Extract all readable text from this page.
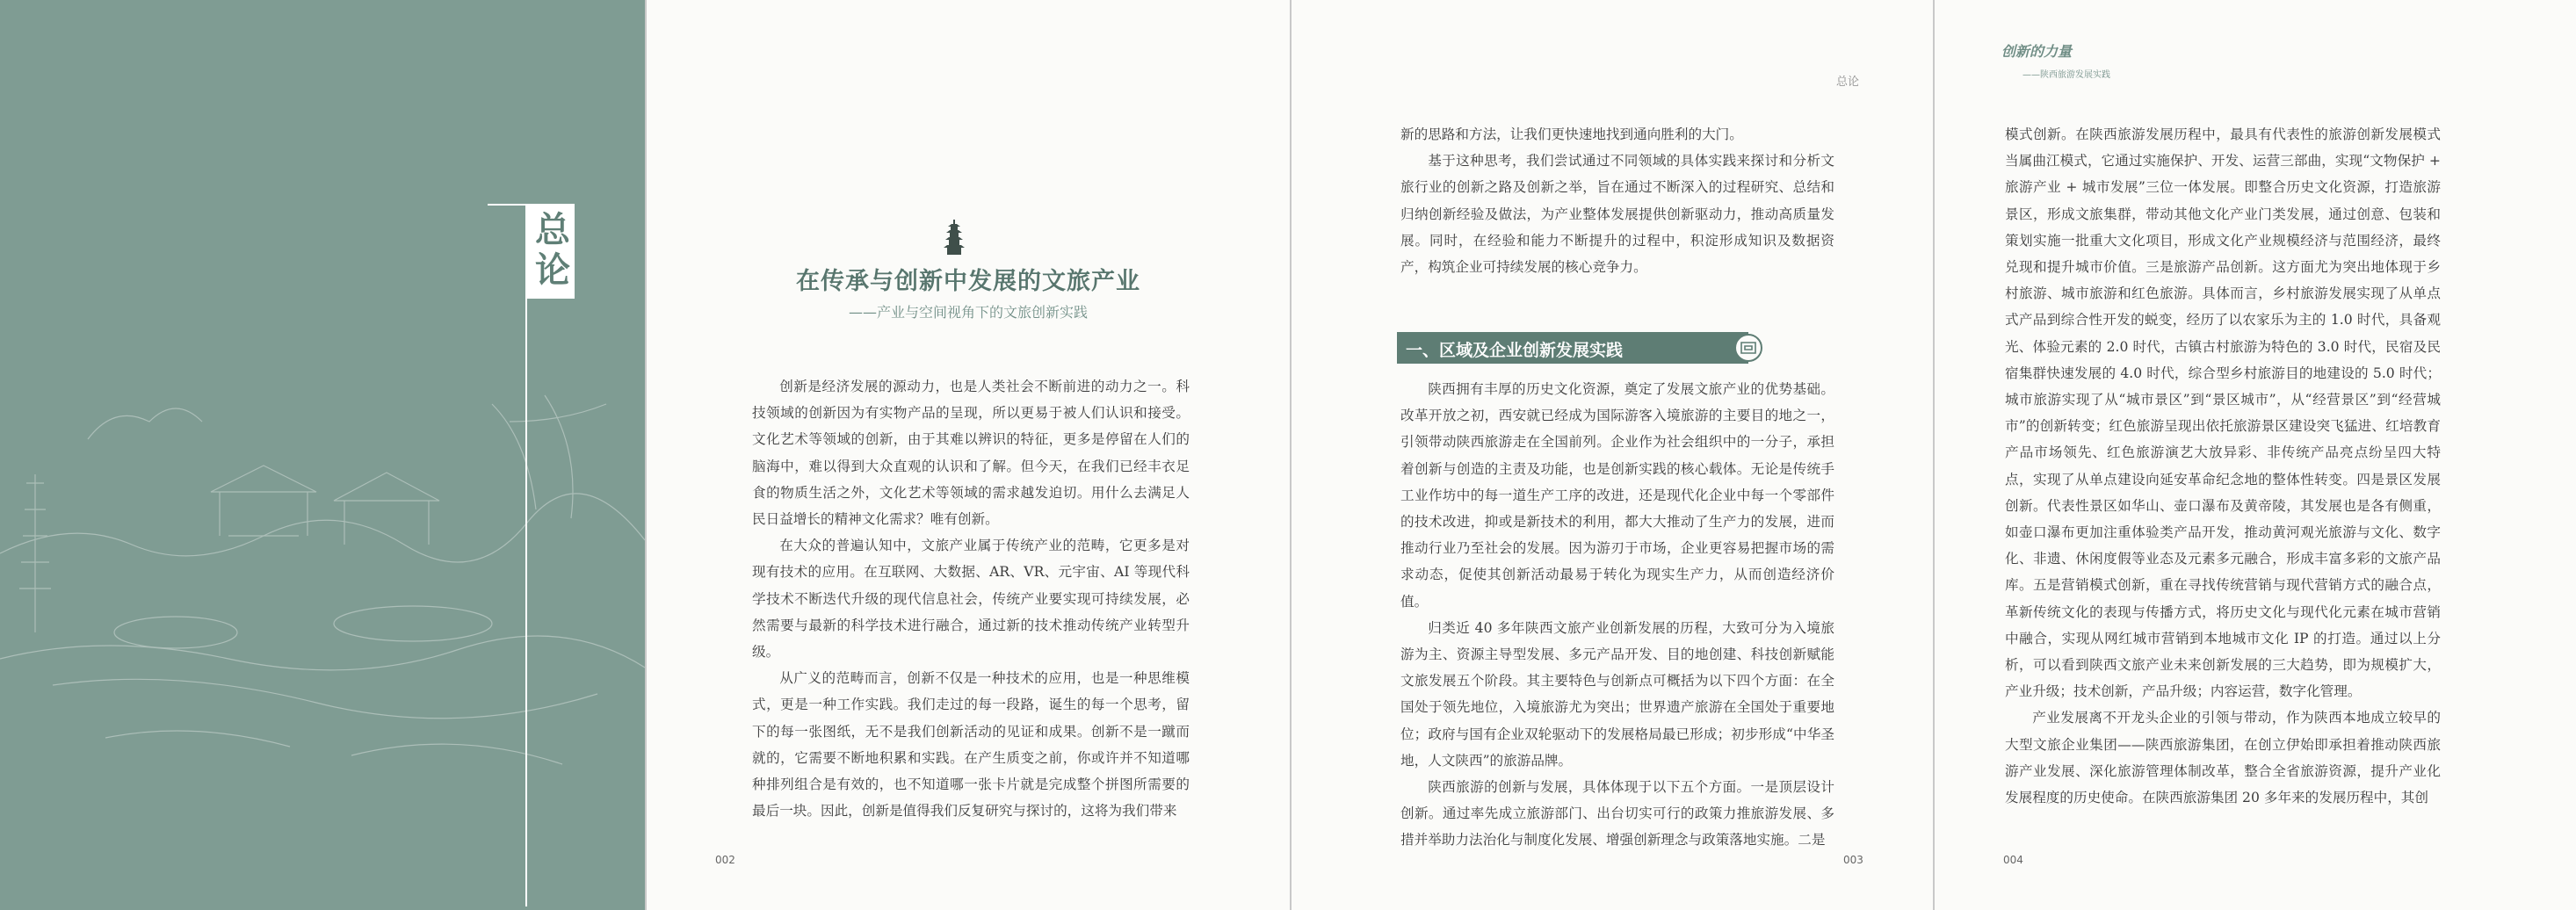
总论	在传承与创新中发展的文旅产业
——产业与空间视角下的文旅创新实践

创新是经济发展的源动力，也是人类社会不断前进的动力之一。科技领域的创新因为有实物产品的呈现，所以更易于被人们认识和接受。文化艺术等领域的创新，由于其难以辨识的特征，更多是停留在人们的脑海中，难以得到大众直观的认识和了解。但今天，在我们已经丰衣足食的物质生活之外，文化艺术等领域的需求越发迫切。用什么去满足人民日益增长的精神文化需求？唯有创新。

在大众的普遍认知中，文旅产业属于传统产业的范畴，它更多是对现有技术的应用。在互联网、大数据、AR、VR、元宇宙、AI 等现代科学技术不断迭代升级的现代信息社会，传统产业要实现可持续发展，必然需要与最新的科学技术进行融合，通过新的技术推动传统产业转型升级。

从广义的范畴而言，创新不仅是一种技术的应用，也是一种思维模式，更是一种工作实践。我们走过的每一段路，诞生的每一个思考，留下的每一张图纸，无不是我们创新活动的见证和成果。创新不是一蹴而就的，它需要不断地积累和实践。在产生质变之前，你或许并不知道哪种排列组合是有效的，也不知道哪一张卡片就是完成整个拼图所需要的最后一块。因此，创新是值得我们反复研究与探讨的，这将为我们带来

002
总论

新的思路和方法，让我们更快速地找到通向胜利的大门。

基于这种思考，我们尝试通过不同领域的具体实践来探讨和分析文旅行业的创新之路及创新之举，旨在通过不断深入的过程研究、总结和归纳创新经验及做法，为产业整体发展提供创新驱动力，推动高质量发展。同时，在经验和能力不断提升的过程中，积淀形成知识及数据资产，构筑企业可持续发展的核心竞争力。

一、区域及企业创新发展实践

陕西拥有丰厚的历史文化资源，奠定了发展文旅产业的优势基础。改革开放之初，西安就已经成为国际游客入境旅游的主要目的地之一，引领带动陕西旅游走在全国前列。企业作为社会组织中的一分子，承担着创新与创造的主责及功能，也是创新实践的核心载体。无论是传统手工业作坊中的每一道生产工序的改进，还是现代化企业中每一个零部件的技术改进，抑或是新技术的利用，都大大推动了生产力的发展，进而推动行业乃至社会的发展。因为游刃于市场，企业更容易把握市场的需求动态，促使其创新活动最易于转化为现实生产力，从而创造经济价值。

归类近 40 多年陕西文旅产业创新发展的历程，大致可分为入境旅游为主、资源主导型发展、多元产品开发、目的地创建、科技创新赋能文旅发展五个阶段。其主要特色与创新点可概括为以下四个方面：在全国处于领先地位，入境旅游尤为突出；世界遗产旅游在全国处于重要地位；政府与国有企业双轮驱动下的发展格局最已形成；初步形成“中华圣地，人文陕西”的旅游品牌。

陕西旅游的创新与发展，具体体现于以下五个方面。一是顶层设计创新。通过率先成立旅游部门、出台切实可行的政策力推旅游发展、多措并举助力法治化与制度化发展、增强创新理念与政策落地实施。二是

003
创新的力量
——陕西旅游发展实践

模式创新。在陕西旅游发展历程中，最具有代表性的旅游创新发展模式当属曲江模式，它通过实施保护、开发、运营三部曲，实现“文物保护 + 旅游产业 + 城市发展”三位一体发展。即整合历史文化资源，打造旅游景区，形成文旅集群，带动其他文化产业门类发展，通过创意、包装和策划实施一批重大文化项目，形成文化产业规模经济与范围经济，最终兑现和提升城市价值。三是旅游产品创新。这方面尤为突出地体现于乡村旅游、城市旅游和红色旅游。具体而言，乡村旅游发展实现了从单点式产品到综合性开发的蜕变，经历了以农家乐为主的 1.0 时代，具备观光、体验元素的 2.0 时代，古镇古村旅游为特色的 3.0 时代，民宿及民宿集群快速发展的 4.0 时代，综合型乡村旅游目的地建设的 5.0 时代；城市旅游实现了从“城市景区”到“景区城市”，从“经营景区”到“经营城市”的创新转变；红色旅游呈现出依托旅游景区建设突飞猛进、红培教育产品市场领先、红色旅游演艺大放异彩、非传统产品亮点纷呈四大特点，实现了从单点建设向延安革命纪念地的整体性转变。四是景区发展创新。代表性景区如华山、壶口瀑布及黄帝陵，其发展也是各有侧重，如壶口瀑布更加注重体验类产品开发，推动黄河观光旅游与文化、数字化、非遗、休闲度假等业态及元素多元融合，形成丰富多彩的文旅产品库。五是营销模式创新，重在寻找传统营销与现代营销方式的融合点，革新传统文化的表现与传播方式，将历史文化与现代化元素在城市营销中融合，实现从网红城市营销到本地城市文化 IP 的打造。通过以上分析，可以看到陕西文旅产业未来创新发展的三大趋势，即为规模扩大，产业升级；技术创新，产品升级；内容运营，数字化管理。

产业发展离不开龙头企业的引领与带动，作为陕西本地成立较早的大型文旅企业集团——陕西旅游集团，在创立伊始即承担着推动陕西旅游产业发展、深化旅游管理体制改革，整合全省旅游资源，提升产业化发展程度的历史使命。在陕西旅游集团 20 多年来的发展历程中，其创

004
